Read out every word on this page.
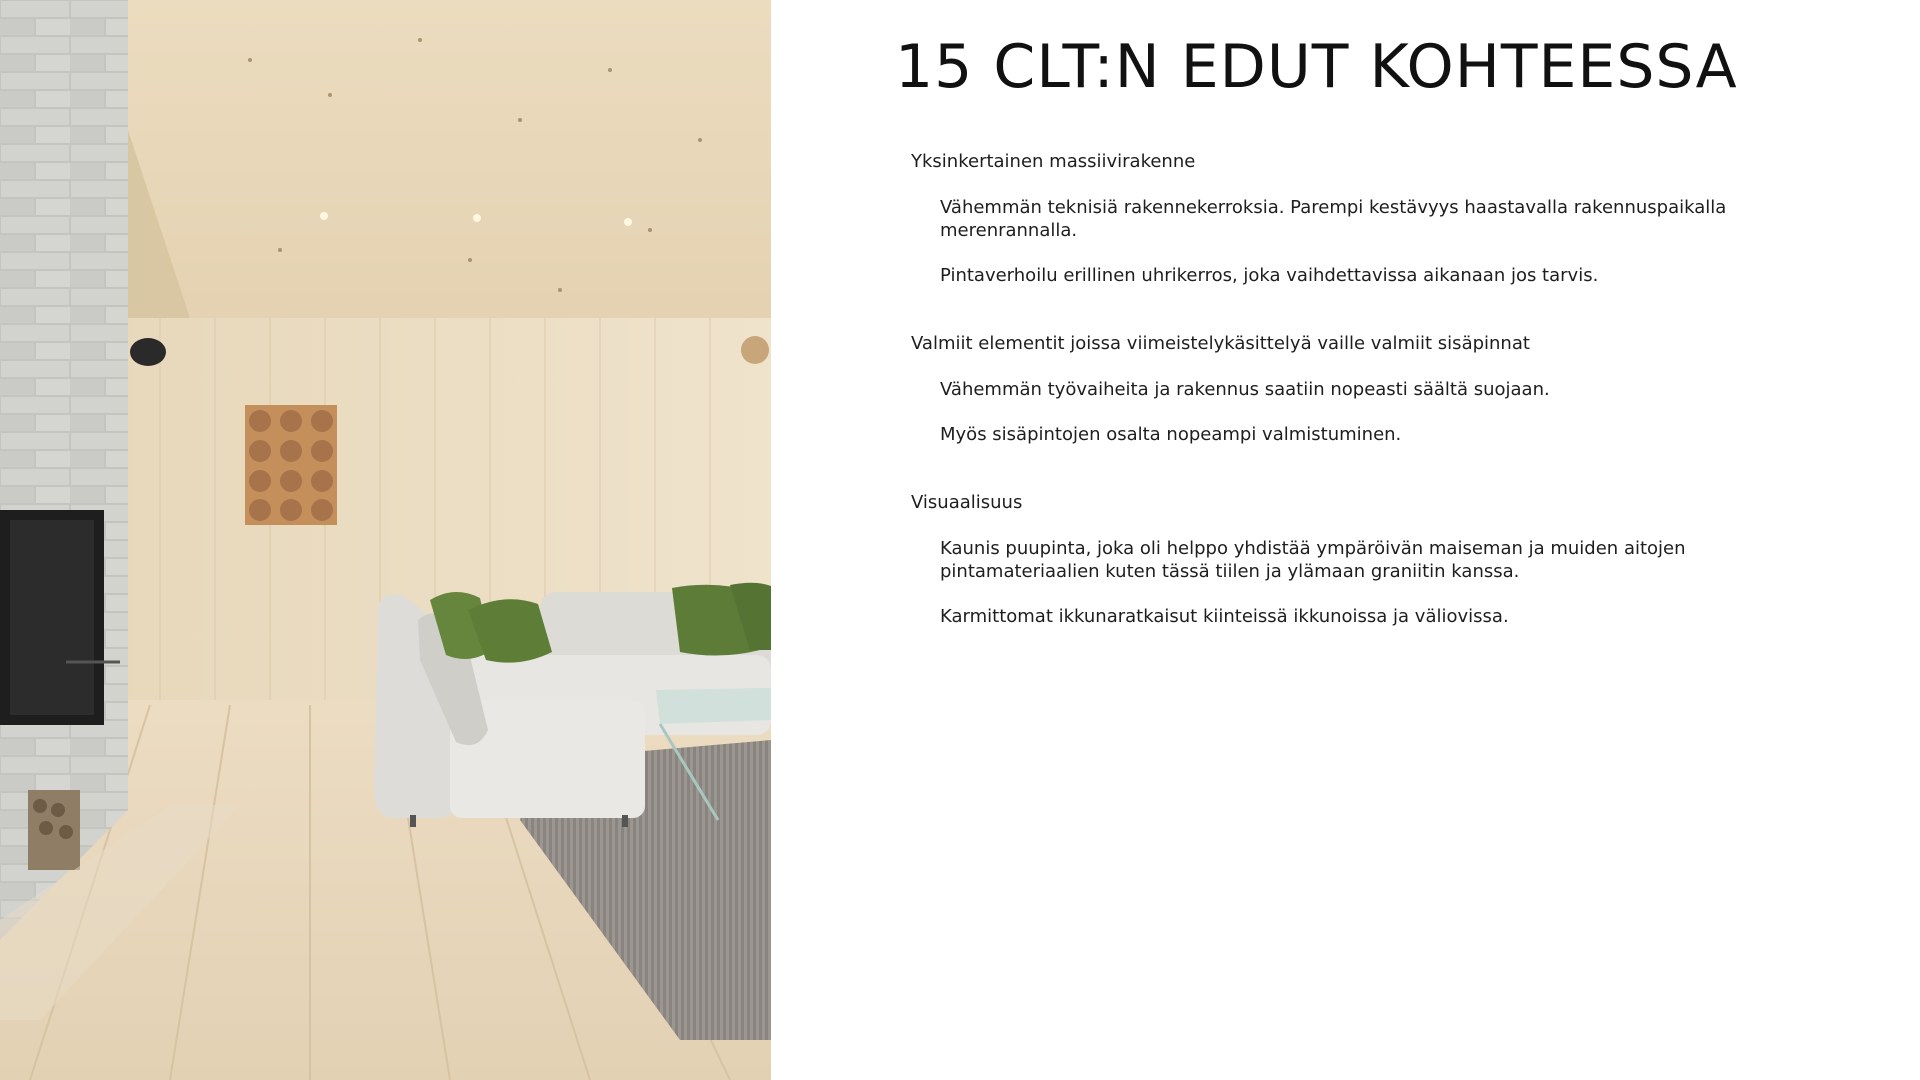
15 CLT:N EDUT KOHTEESSA
Yksinkertainen massiivirakenne
Vähemmän teknisiä rakennekerroksia. Parempi kestävyys haastavalla rakennuspaikalla merenrannalla.
Pintaverhoilu erillinen uhrikerros, joka vaihdettavissa aikanaan jos tarvis.
Valmiit elementit joissa viimeistelykäsittelyä vaille valmiit sisäpinnat
Vähemmän työvaiheita ja rakennus saatiin nopeasti säältä suojaan.
Myös sisäpintojen osalta nopeampi valmistuminen.
Visuaalisuus
Kaunis puupinta, joka oli helppo yhdistää ympäröivän maiseman ja muiden aitojen pintamateriaalien kuten tässä tiilen ja ylämaan graniitin kanssa.
Karmittomat ikkunaratkaisut kiinteissä ikkunoissa ja väliovissa.
